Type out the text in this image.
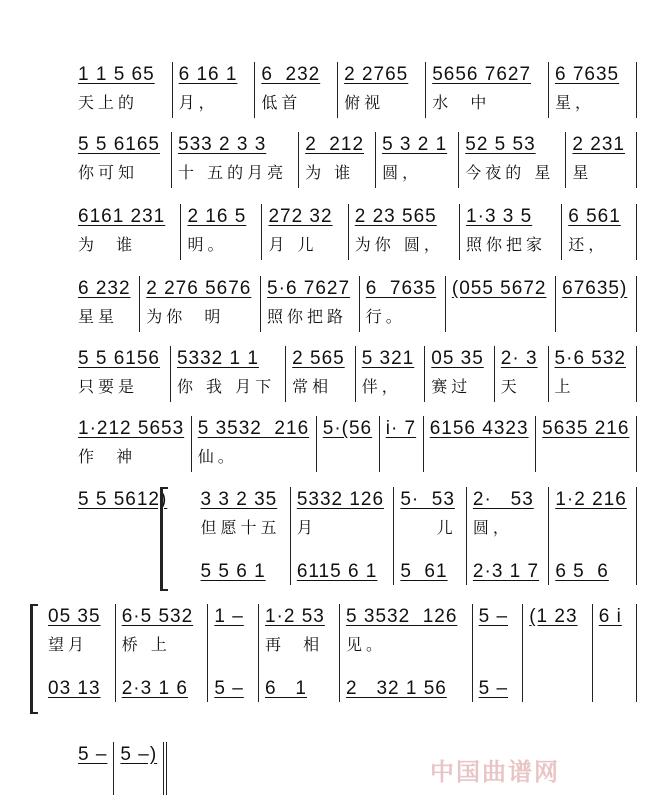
1 1 5 65
天上的
6 16 1
月，
6  232
低首
2 2765
俯视
5656 7627
水  中
6 7635
星，
5 5 6165
你可知
533 2 3 3
十 五的月亮
2  212
为 谁
5 3 2 1
圆，
52 5 53
今夜的 星
2 231
星
6161 231
为  谁
2 16 5
明。
272 32
月 儿
2 23 565
为你 圆，
1·3 3 5
照你把家
6 561
还，
6 232
星星
2 276 5676
为你  明
5·6 7627
照你把路
6  7635
行。
(055 5672 67635)
5 5 6156
只要是
5332 1 1
你 我 月下
2 565
常相
5 321
伴，
05 35
赛过
2· 3
天
5·6 532
上
1·212 5653
作  神
5 3532  216
仙。
5·(56 i· 7 6156 4323 5635 216
5 5 5612) 3 3 2 35
但愿十五
5 5 6 1
5332 126
月
6115 6 1
5·  53
儿
5  61
2·   53
圆，
2·3 1 7
1·2 216
6 5  6
05 35
望月
03 13
6·5 532
桥 上
2·3 1 6
1 –
5 –
1·2 53
再  相
6   1
5 3532  126
见。
2   32 1 56
5 –
5 –
(1 23	6 i
5 – 5 –)
中国曲谱网
